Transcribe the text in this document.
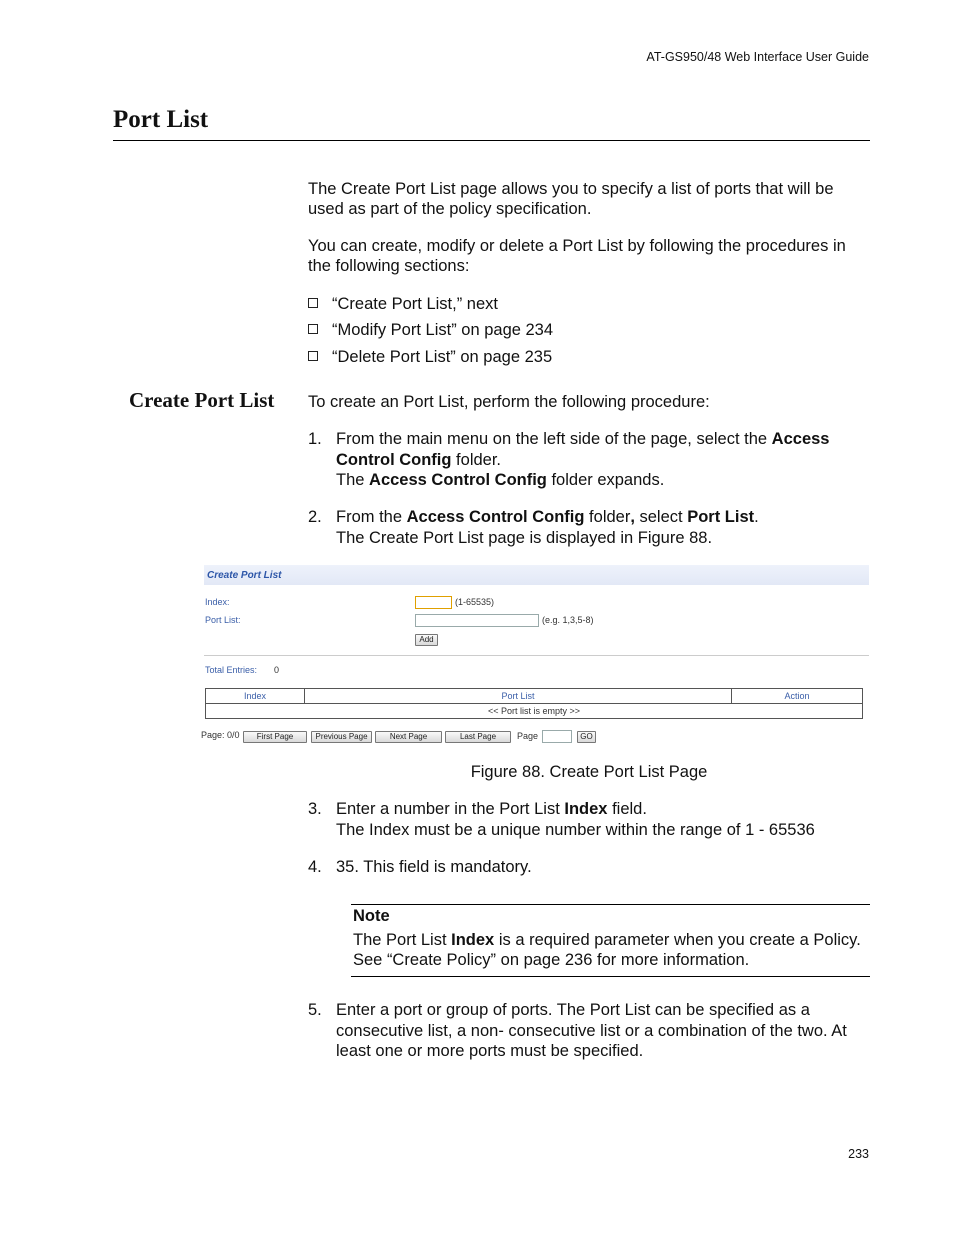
AT-GS950/48 Web Interface User Guide
Port List
The Create Port List page allows you to specify a list of ports that will be used as part of the policy specification.
You can create, modify or delete a Port List by following the procedures in the following sections:
“Create Port List,” next
“Modify Port List” on page 234
“Delete Port List” on page 235
Create Port List To create an Port List, perform the following procedure:
1. From the main menu on the left side of the page, select the Access Control Config folder.
The Access Control Config folder expands.
2. From the Access Control Config folder, select Port List.
The Create Port List page is displayed in Figure 88.
Create Port List
Index:	(1-65535)
Port List:	(e.g. 1,3,5-8)
Add
Total Entries: 0
Index	Port List	Action
<< Port list is empty >>
Page: 0/0	First Page	Previous Page	Next Page	Last Page	Page	GO
Figure 88. Create Port List Page
3. Enter a number in the Port List Index field.
The Index must be a unique number within the range of 1 - 65536
4. 35. This field is mandatory.
Note
The Port List Index is a required parameter when you create a Policy. See “Create Policy” on page 236 for more information.
5. Enter a port or group of ports. The Port List can be specified as a consecutive list, a non- consecutive list or a combination of the two. At least one or more ports must be specified.
233
